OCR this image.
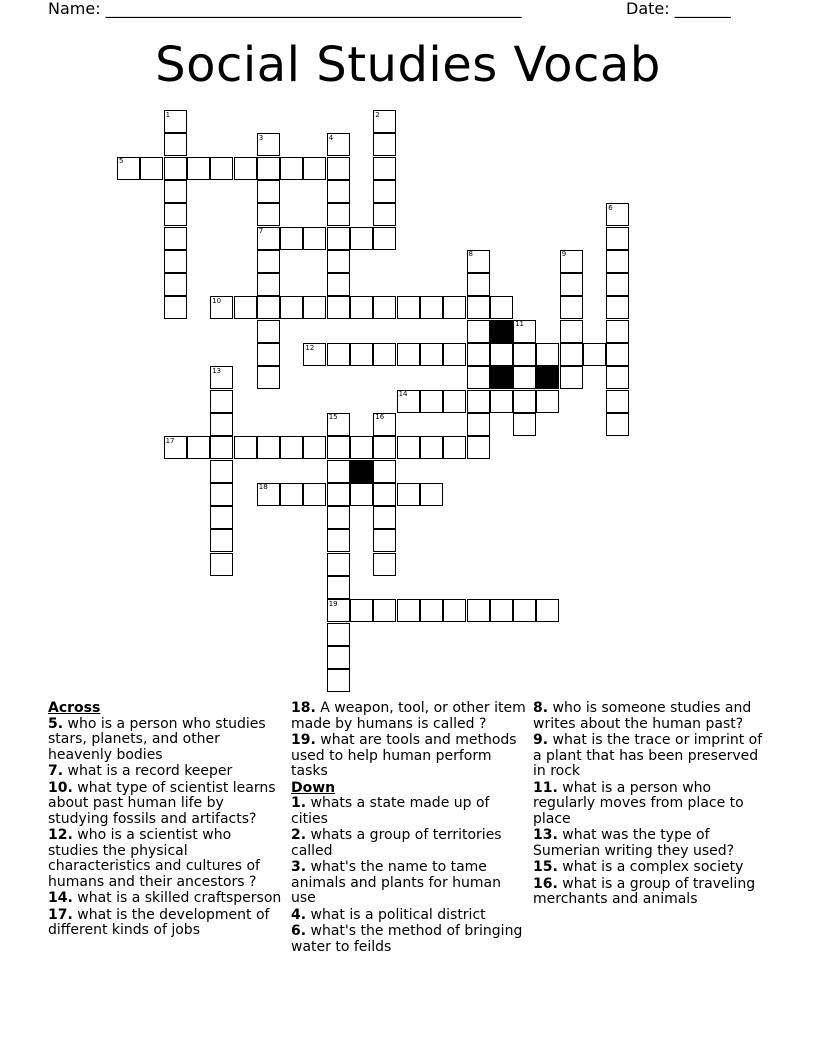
Name: ____________________________________________________	Date: _______
Social Studies Vocab
5
7
10
12
14
17
18
19
1	2
3	4
6
8	9
11
13
15	16
Across
5. who is a person who studies stars, planets, and other heavenly bodies
7. what is a record keeper
10. what type of scientist learns about past human life by studying fossils and artifacts?
12. who is a scientist who studies the physical characteristics and cultures of humans and their ancestors ?
14. what is a skilled craftsperson
17. what is the development of different kinds of jobs
18. A weapon, tool, or other item made by humans is called ?
19. what are tools and methods used to help human perform tasks
Down
1. whats a state made up of cities
2. whats a group of territories called
3. what's the name to tame animals and plants for human use
4. what is a political district
6. what's the method of bringing water to feilds
8. who is someone studies and writes about the human past?
9. what is the trace or imprint of a plant that has been preserved in rock
11. what is a person who regularly moves from place to place
13. what was the type of Sumerian writing they used?
15. what is a complex society
16. what is a group of traveling merchants and animals
